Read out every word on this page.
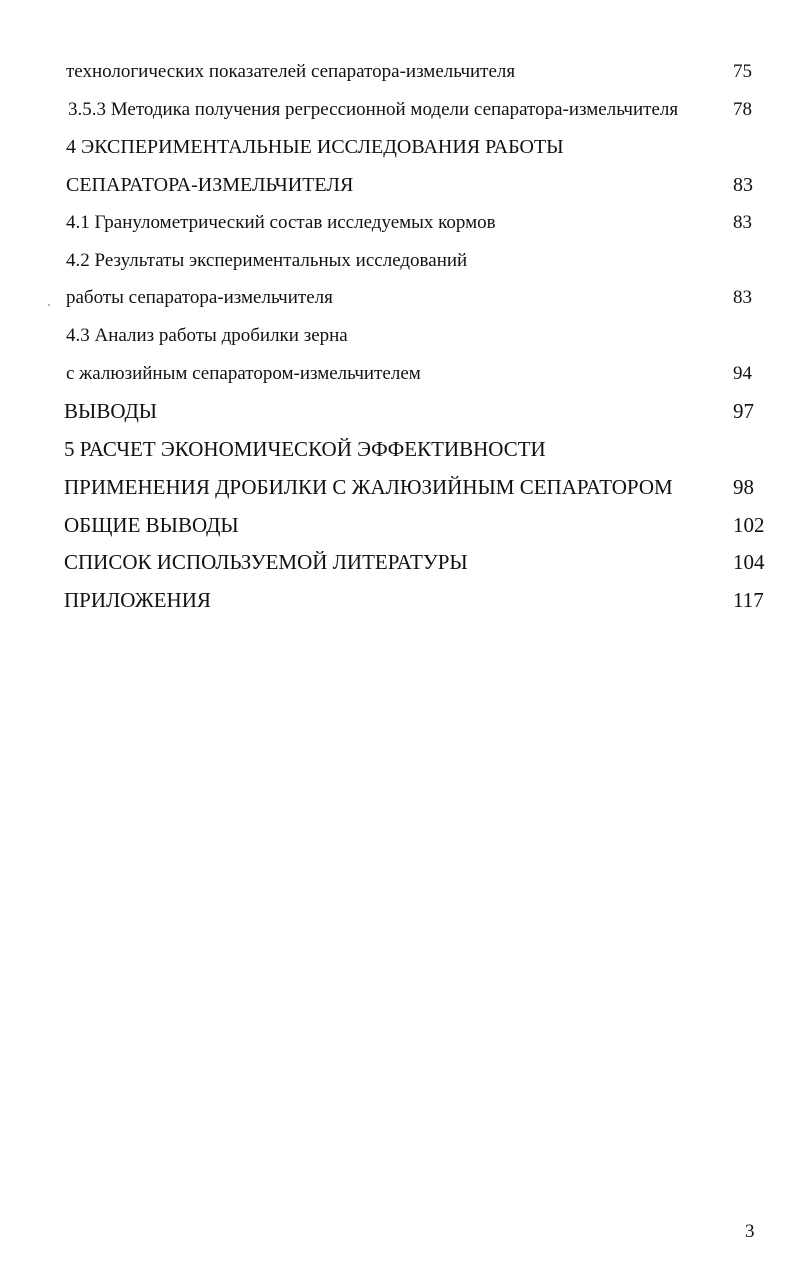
технологических показателей сепаратора-измельчителя	75
3.5.3 Методика получения регрессионной модели сепаратора-измельчителя	78
4 ЭКСПЕРИМЕНТАЛЬНЫЕ ИССЛЕДОВАНИЯ РАБОТЫ
СЕПАРАТОРА-ИЗМЕЛЬЧИТЕЛЯ	83
4.1 Гранулометрический состав исследуемых кормов	83
4.2 Результаты экспериментальных исследований
работы сепаратора-измельчителя	83
4.3 Анализ работы дробилки зерна
с жалюзийным сепаратором-измельчителем	94
ВЫВОДЫ	97
5 РАСЧЕТ ЭКОНОМИЧЕСКОЙ ЭФФЕКТИВНОСТИ
ПРИМЕНЕНИЯ ДРОБИЛКИ С ЖАЛЮЗИЙНЫМ СЕПАРАТОРОМ	98
ОБЩИЕ ВЫВОДЫ	102
СПИСОК ИСПОЛЬЗУЕМОЙ ЛИТЕРАТУРЫ	104
ПРИЛОЖЕНИЯ	117
3
